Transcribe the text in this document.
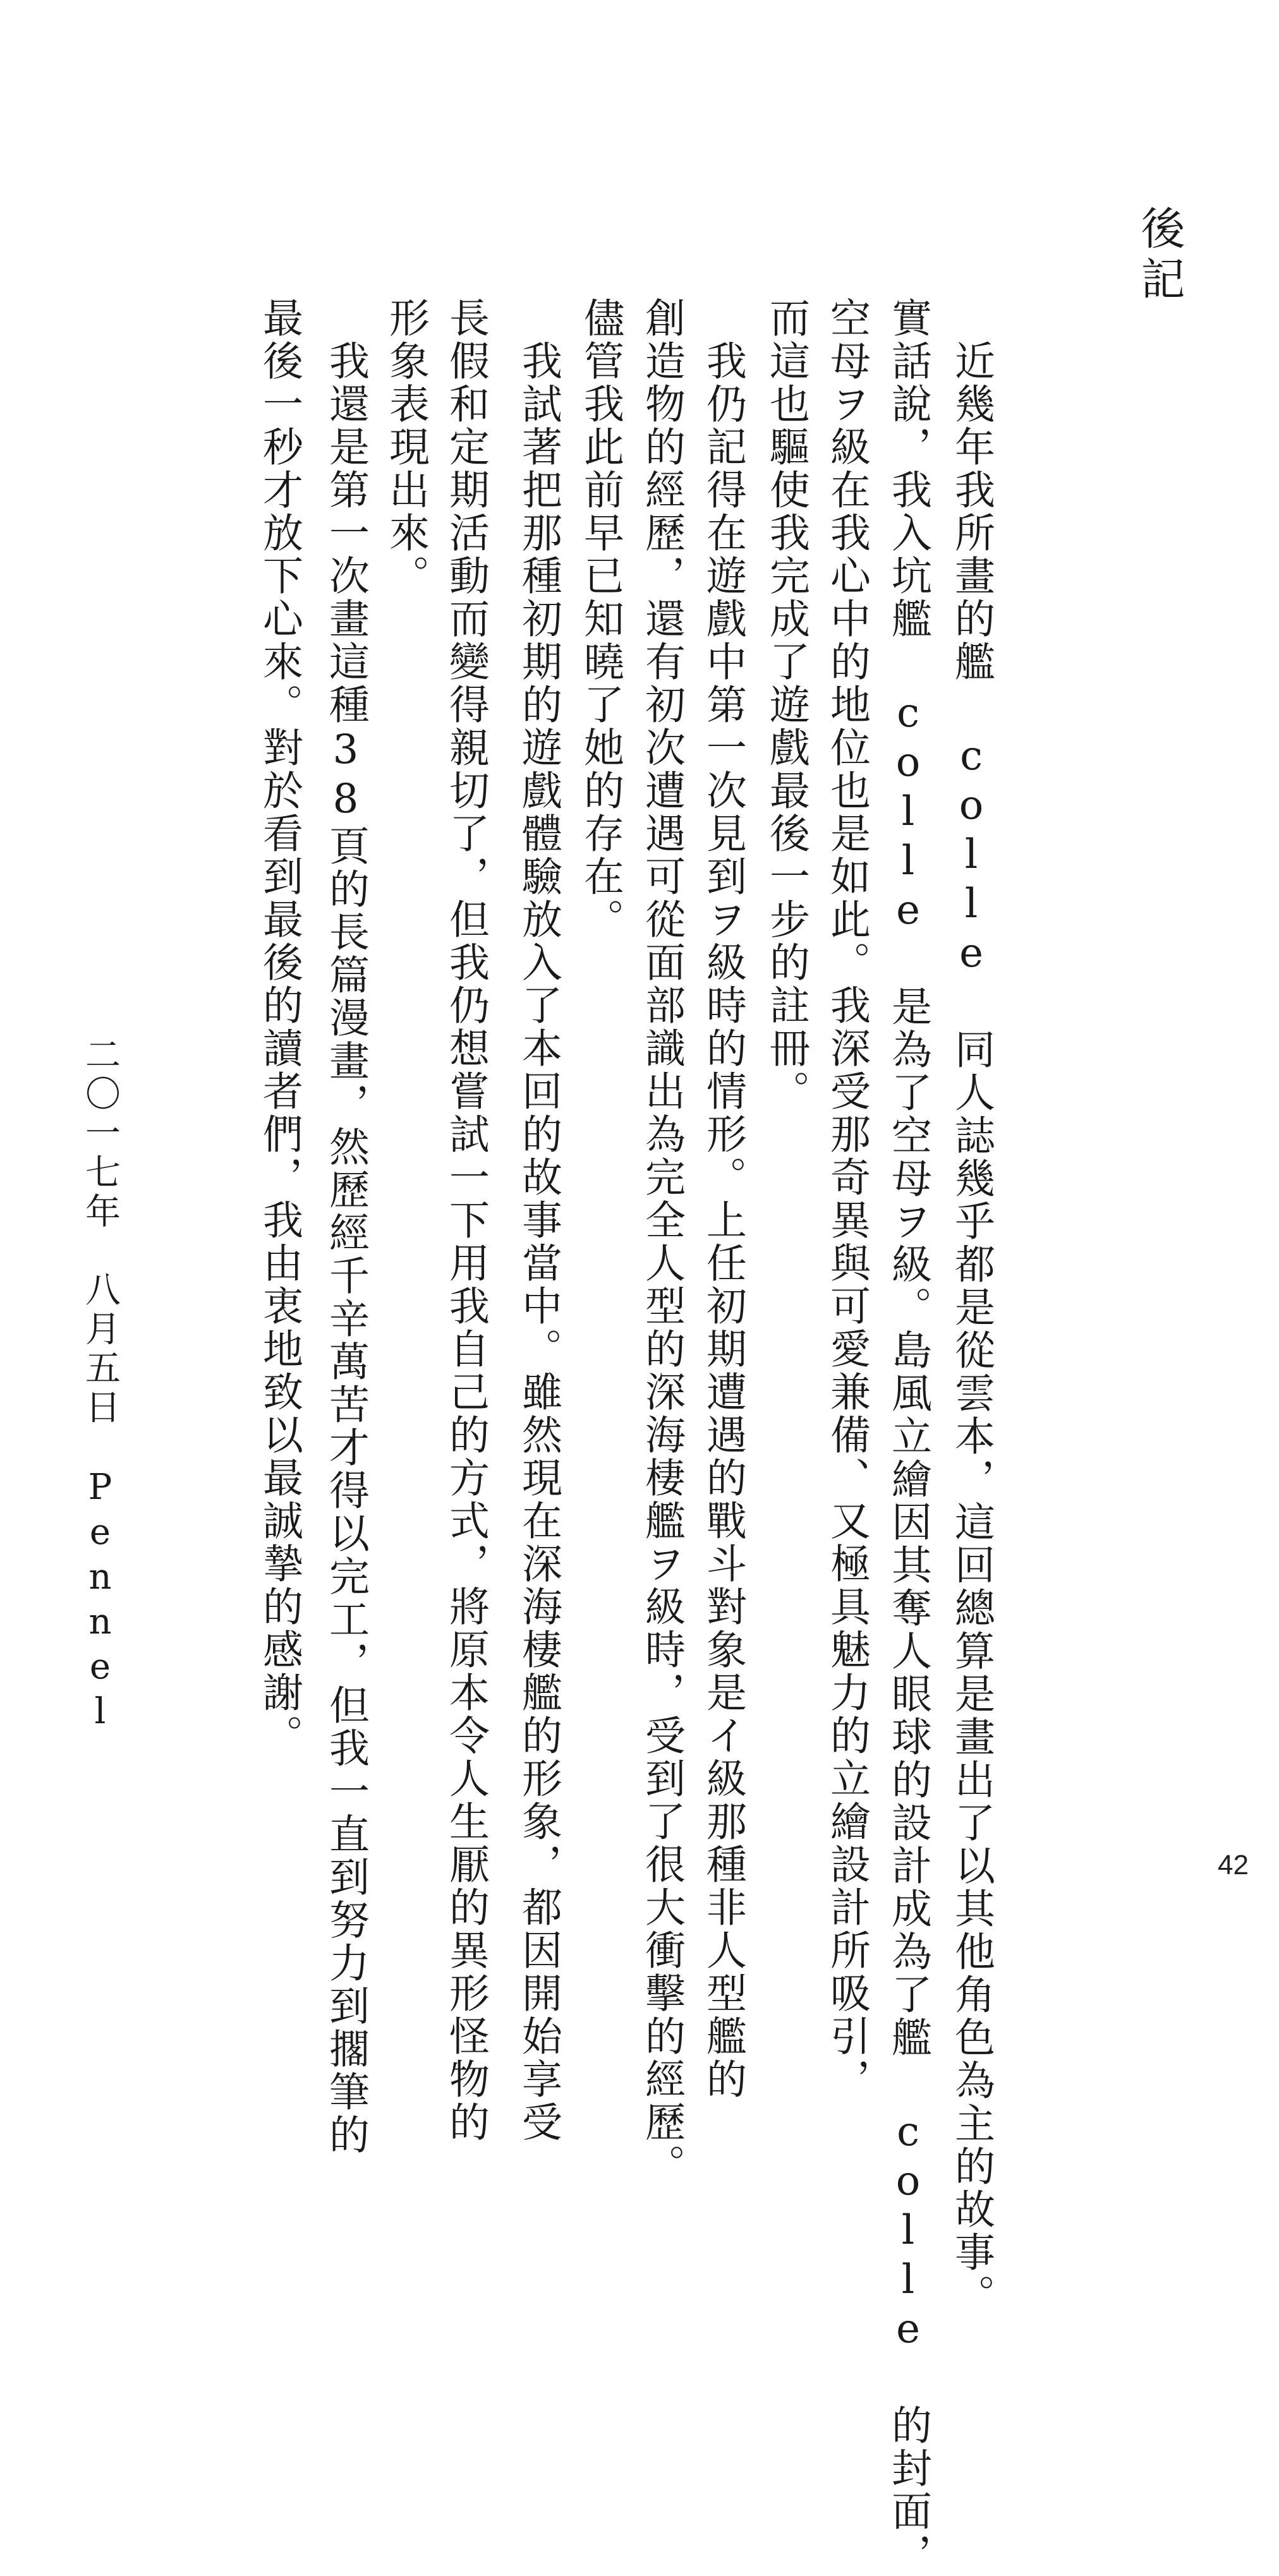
後記
　近幾年我所畫的艦 colle 同人誌幾乎都是從雲本，這回總算是畫出了以其他角色為主的故事。
實話說，我入坑艦 colle 是為了空母ヲ級。島風立繪因其奪人眼球的設計成為了艦 colle 的封面，
空母ヲ級在我心中的地位也是如此。我深受那奇異與可愛兼備、又極具魅力的立繪設計所吸引，
而這也驅使我完成了遊戲最後一步的註冊。
　我仍記得在遊戲中第一次見到ヲ級時的情形。上任初期遭遇的戰斗對象是イ級那種非人型艦的
創造物的經歷，還有初次遭遇可從面部識出為完全人型的深海棲艦ヲ級時，受到了很大衝擊的經歷。
儘管我此前早已知曉了她的存在。
　我試著把那種初期的遊戲體驗放入了本回的故事當中。雖然現在深海棲艦的形象，都因開始享受
長假和定期活動而變得親切了，但我仍想嘗試一下用我自己的方式，將原本令人生厭的異形怪物的
形象表現出來。
　我還是第一次畫這種38頁的長篇漫畫，然歷經千辛萬苦才得以完工，但我一直到努力到擱筆的
最後一秒才放下心來。對於看到最後的讀者們，我由衷地致以最誠摯的感謝。
二〇一七年　八月五日　Pennel
42
